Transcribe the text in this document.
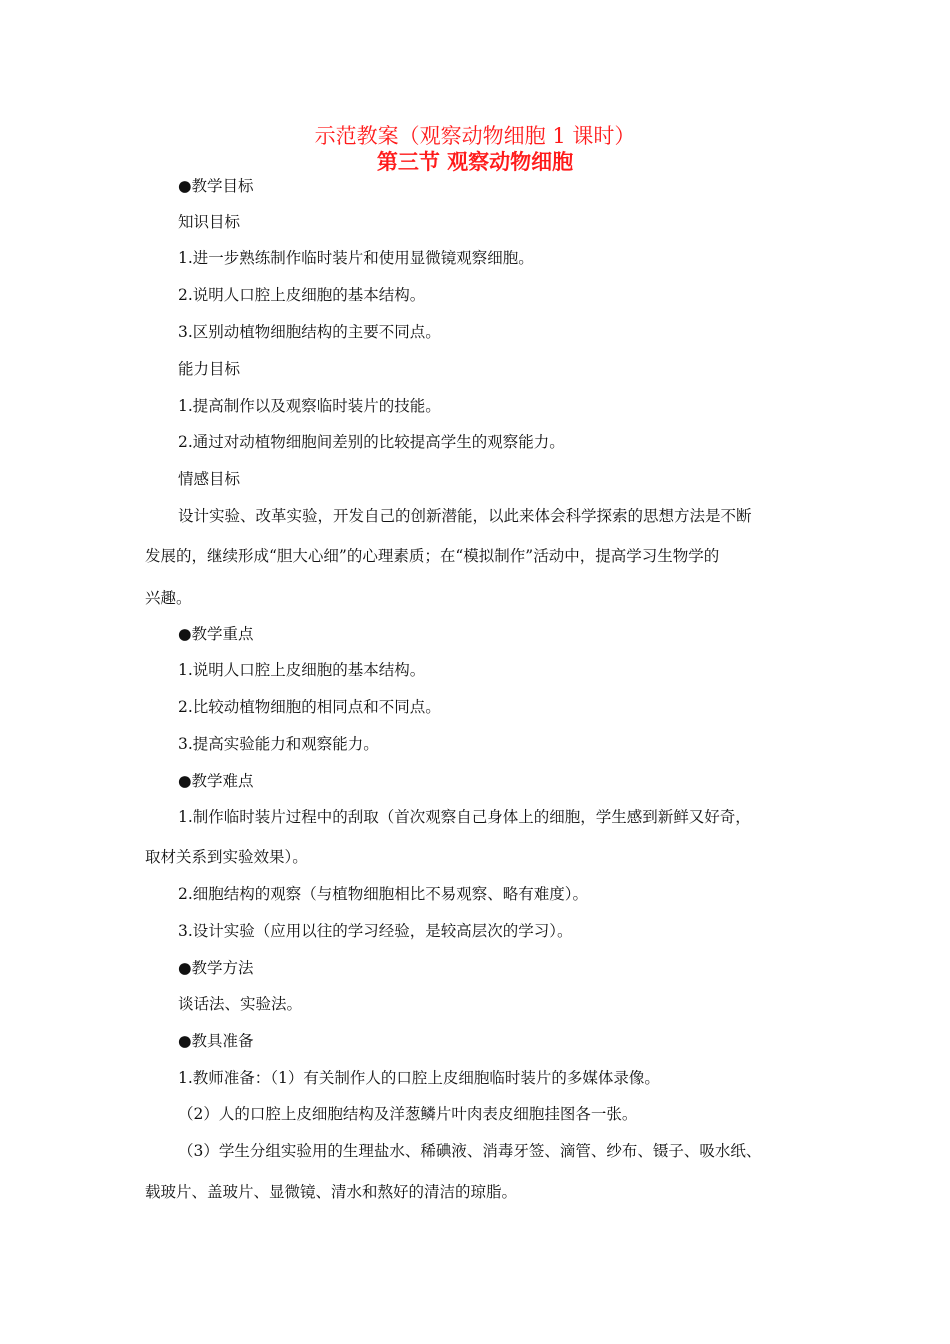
示范教案（观察动物细胞 1 课时）
第三节 观察动物细胞
●教学目标
知识目标
1.进一步熟练制作临时装片和使用显微镜观察细胞。
2.说明人口腔上皮细胞的基本结构。
3.区别动植物细胞结构的主要不同点。
能力目标
1.提高制作以及观察临时装片的技能。
2.通过对动植物细胞间差别的比较提高学生的观察能力。
情感目标
设计实验、改革实验，开发自己的创新潜能，以此来体会科学探索的思想方法是不断
发展的，继续形成“胆大心细”的心理素质；在“模拟制作”活动中，提高学习生物学的
兴趣。
●教学重点
1.说明人口腔上皮细胞的基本结构。
2.比较动植物细胞的相同点和不同点。
3.提高实验能力和观察能力。
●教学难点
1.制作临时装片过程中的刮取（首次观察自己身体上的细胞，学生感到新鲜又好奇，
取材关系到实验效果）。
2.细胞结构的观察（与植物细胞相比不易观察、略有难度）。
3.设计实验（应用以往的学习经验，是较高层次的学习）。
●教学方法
谈话法、实验法。
●教具准备
1.教师准备：（1）有关制作人的口腔上皮细胞临时装片的多媒体录像。
（2）人的口腔上皮细胞结构及洋葱鳞片叶肉表皮细胞挂图各一张。
（3）学生分组实验用的生理盐水、稀碘液、消毒牙签、滴管、纱布、镊子、吸水纸、
载玻片、盖玻片、显微镜、清水和熬好的清洁的琼脂。
